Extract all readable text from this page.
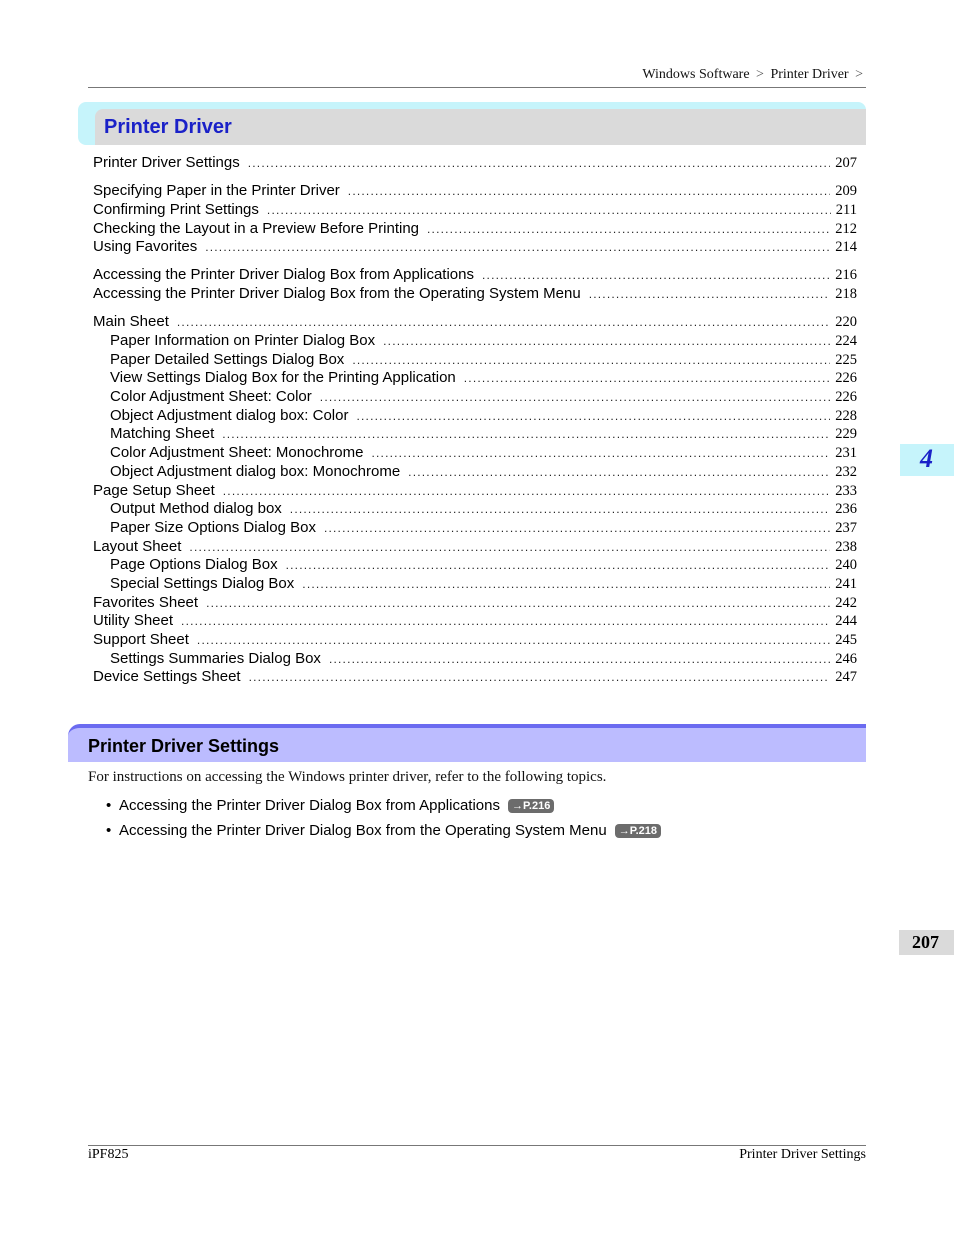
Windows Software > Printer Driver >
Printer Driver
Printer Driver Settings .....	207
Specifying Paper in the Printer Driver .....	209
Confirming Print Settings .....	211
Checking the Layout in a Preview Before Printing .....	212
Using Favorites .....	214
Accessing the Printer Driver Dialog Box from Applications .....	216
Accessing the Printer Driver Dialog Box from the Operating System Menu .....	218
Main Sheet .....	220
Paper Information on Printer Dialog Box .....	224
Paper Detailed Settings Dialog Box .....	225
View Settings Dialog Box for the Printing Application .....	226
Color Adjustment Sheet: Color .....	226
Object Adjustment dialog box: Color .....	228
Matching Sheet .....	229
Color Adjustment Sheet: Monochrome .....	231
Object Adjustment dialog box: Monochrome .....	232
Page Setup Sheet .....	233
Output Method dialog box .....	236
Paper Size Options Dialog Box .....	237
Layout Sheet .....	238
Page Options Dialog Box .....	240
Special Settings Dialog Box .....	241
Favorites Sheet .....	242
Utility Sheet .....	244
Support Sheet .....	245
Settings Summaries Dialog Box .....	246
Device Settings Sheet .....	247
4
Printer Driver Settings
For instructions on accessing the Windows printer driver, refer to the following topics.
• Accessing the Printer Driver Dialog Box from Applications →P.216
• Accessing the Printer Driver Dialog Box from the Operating System Menu →P.218
207
iPF825	Printer Driver Settings
